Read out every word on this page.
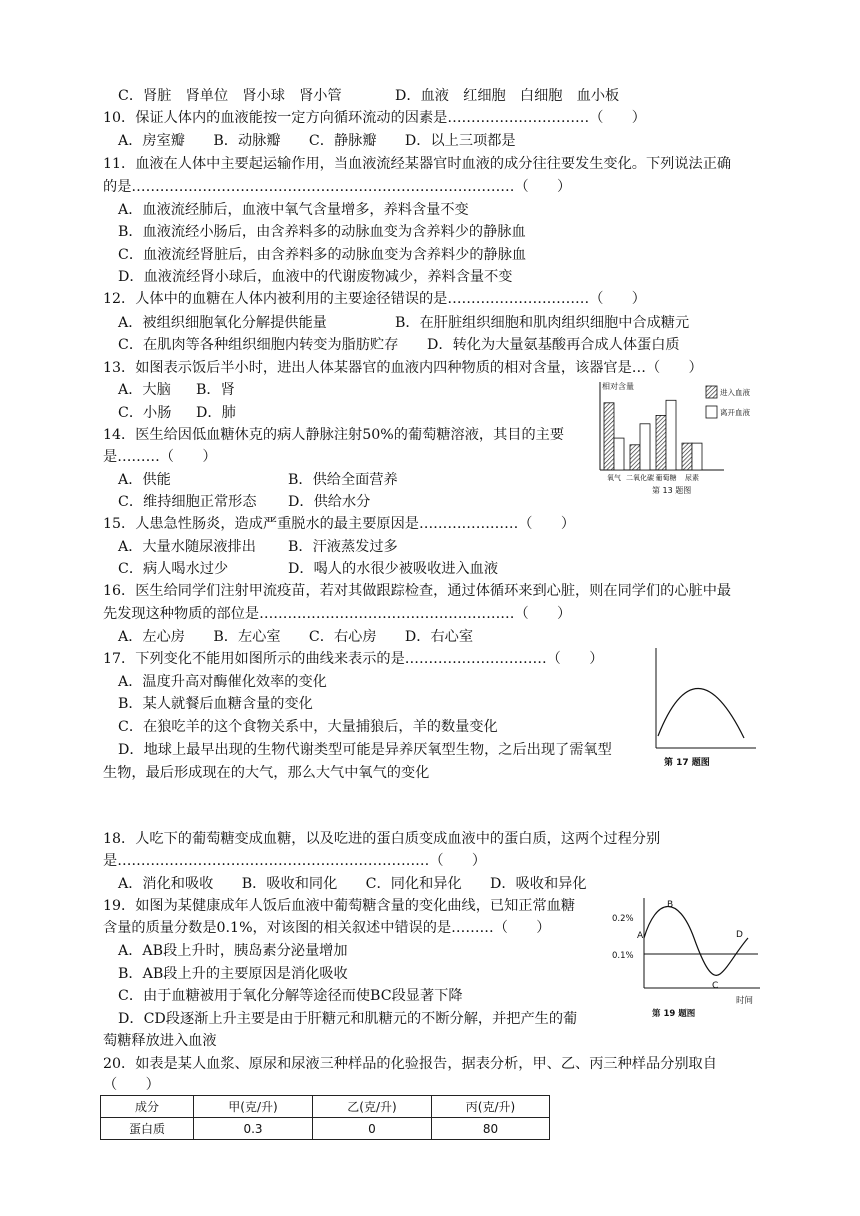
C．肾脏　肾单位　肾小球　肾小管	D．血液　红细胞　白细胞　血小板
10．保证人体内的血液能按一定方向循环流动的因素是…………………………（　　）
A．房室瓣　　B．动脉瓣　　C．静脉瓣　　D．以上三项都是
11．血液在人体中主要起运输作用，当血液流经某器官时血液的成分往往要发生变化。下列说法正确
的是………………………………………………………………………（　　）
A．血液流经肺后，血液中氧气含量增多，养料含量不变
B．血液流经小肠后，由含养料多的动脉血变为含养料少的静脉血
C．血液流经肾脏后，由含养料多的动脉血变为含养料少的静脉血
D．血液流经肾小球后，血液中的代谢废物减少，养料含量不变
12．人体中的血糖在人体内被利用的主要途径错误的是…………………………（　　）
A．被组织细胞氧化分解提供能量	B．在肝脏组织细胞和肌肉组织细胞中合成糖元
C．在肌肉等各种组织细胞内转变为脂肪贮存 D．转化为大量氨基酸再合成人体蛋白质
13．如图表示饭后半小时，进出人体某器官的血液内四种物质的相对含量，该器官是…（　　）
A．大脑 B．肾
C．小肠 D．肺
相对含量
氧气 二氧化碳 葡萄糖 尿素
进入血液
离开血液
第 13 题图
14．医生给因低血糖休克的病人静脉注射50%的葡萄糖溶液，其目的主要
是………（　　）
A．供能	B．供给全面营养
C．维持细胞正常形态 D．供给水分
15．人患急性肠炎，造成严重脱水的最主要原因是…………………（　　）
A．大量水随尿液排出 B．汗液蒸发过多
C．病人喝水过少	D．喝人的水很少被吸收进入血液
16．医生给同学们注射甲流疫苗，若对其做跟踪检查，通过体循环来到心脏，则在同学们的心脏中最
先发现这种物质的部位是………………………………………………（　　）
A．左心房　　B．左心室　　C．右心房　　D．右心室
17．下列变化不能用如图所示的曲线来表示的是…………………………（　　）
A．温度升高对酶催化效率的变化
B．某人就餐后血糖含量的变化
C．在狼吃羊的这个食物关系中，大量捕狼后，羊的数量变化
D．地球上最早出现的生物代谢类型可能是异养厌氧型生物，之后出现了需氧型
生物，最后形成现在的大气，那么大气中氧气的变化
第 17 题图
18．人吃下的葡萄糖变成血糖，以及吃进的蛋白质变成血液中的蛋白质，这两个过程分别
是…………………………………………………………（　　）
A．消化和吸收　　B．吸收和同化　　C．同化和异化　　D．吸收和异化
19．如图为某健康成年人饭后血液中葡萄糖含量的变化曲线，已知正常血糖
含量的质量分数是0.1%，对该图的相关叙述中错误的是………（　　）
A．AB段上升时，胰岛素分泌量增加
B．AB段上升的主要原因是消化吸收
C．由于血糖被用于氧化分解等途径而使BC段显著下降
D．CD段逐渐上升主要是由于肝糖元和肌糖元的不断分解，并把产生的葡
萄糖释放进入血液
0.2%
0.1%
A
B
C
D
时间
第 19 题图
20．如表是某人血浆、原尿和尿液三种样品的化验报告，据表分析，甲、乙、丙三种样品分别取自
（　　）
成分	甲(克/升)	乙(克/升)	丙(克/升)
蛋白质	0.3	0	80
